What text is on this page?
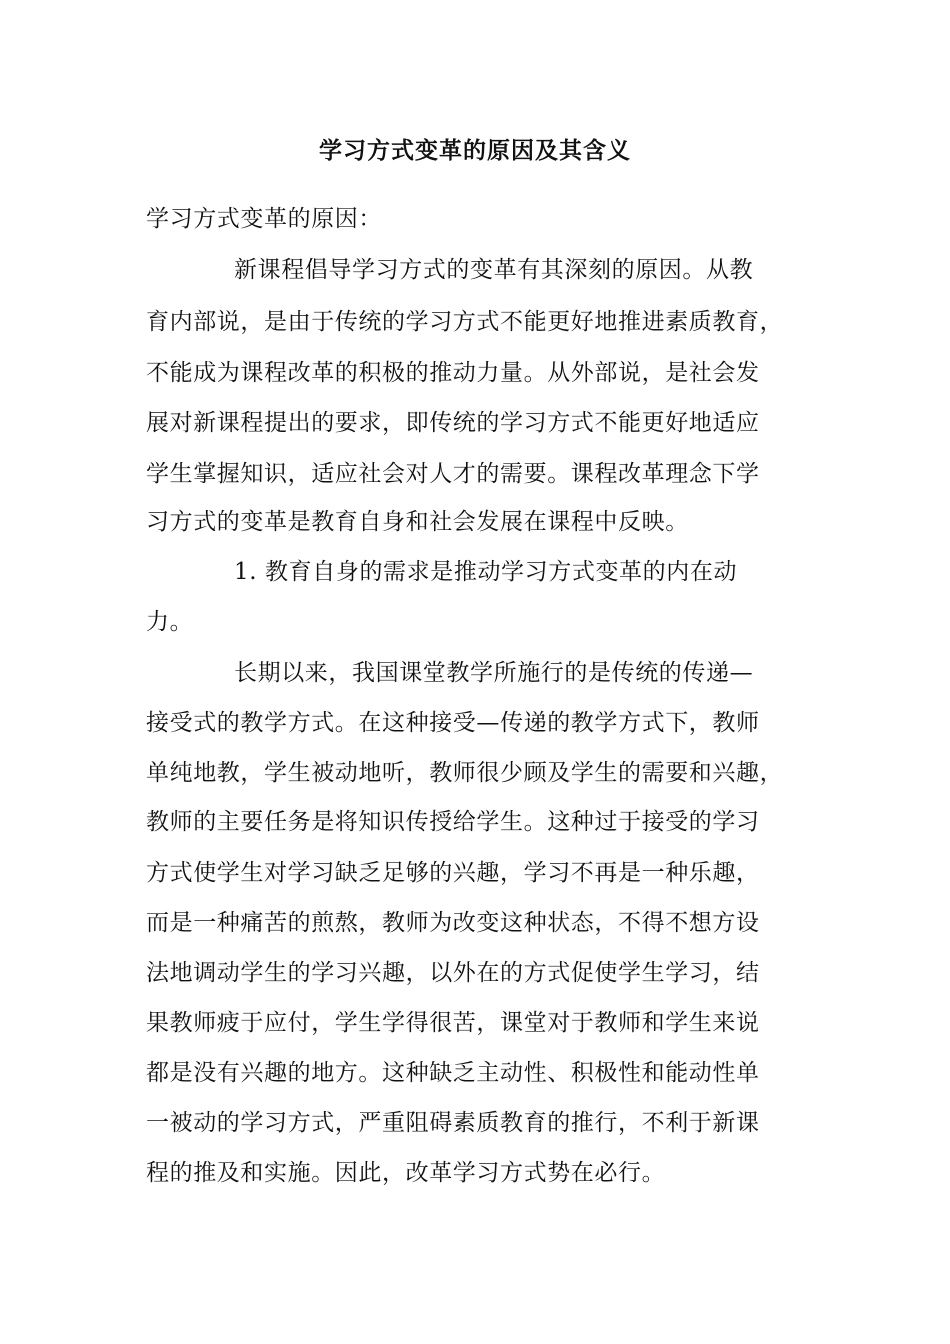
学习方式变革的原因及其含义
学习方式变革的原因：
新课程倡导学习方式的变革有其深刻的原因。从教
育内部说，是由于传统的学习方式不能更好地推进素质教育，
不能成为课程改革的积极的推动力量。从外部说，是社会发
展对新课程提出的要求，即传统的学习方式不能更好地适应
学生掌握知识，适应社会对人才的需要。课程改革理念下学
习方式的变革是教育自身和社会发展在课程中反映。
1. 教育自身的需求是推动学习方式变革的内在动
力。
长期以来，我国课堂教学所施行的是传统的传递—
接受式的教学方式。在这种接受—传递的教学方式下，教师
单纯地教，学生被动地听，教师很少顾及学生的需要和兴趣，
教师的主要任务是将知识传授给学生。这种过于接受的学习
方式使学生对学习缺乏足够的兴趣，学习不再是一种乐趣，
而是一种痛苦的煎熬，教师为改变这种状态，不得不想方设
法地调动学生的学习兴趣，以外在的方式促使学生学习，结
果教师疲于应付，学生学得很苦，课堂对于教师和学生来说
都是没有兴趣的地方。这种缺乏主动性、积极性和能动性单
一被动的学习方式，严重阻碍素质教育的推行，不利于新课
程的推及和实施。因此，改革学习方式势在必行。
